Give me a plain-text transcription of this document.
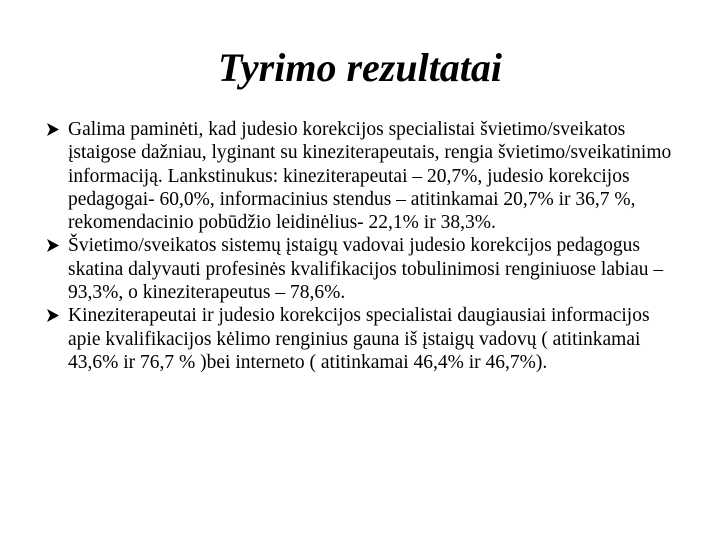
Tyrimo rezultatai
Galima paminėti, kad judesio korekcijos specialistai švietimo/sveikatos įstaigose dažniau, lyginant su kineziterapeutais, rengia švietimo/sveikatinimo informaciją. Lankstinukus: kineziterapeutai – 20,7%, judesio korekcijos pedagogai- 60,0%, informacinius stendus – atitinkamai 20,7% ir 36,7 %, rekomendacinio pobūdžio leidinėlius- 22,1% ir 38,3%.
Švietimo/sveikatos sistemų įstaigų vadovai judesio korekcijos pedagogus skatina dalyvauti profesinės kvalifikacijos tobulinimosi renginiuose labiau – 93,3%, o kineziterapeutus – 78,6%.
Kineziterapeutai ir judesio korekcijos specialistai daugiausiai informacijos apie kvalifikacijos kėlimo renginius gauna iš įstaigų vadovų ( atitinkamai 43,6% ir 76,7 % )bei interneto ( atitinkamai 46,4% ir 46,7%).
